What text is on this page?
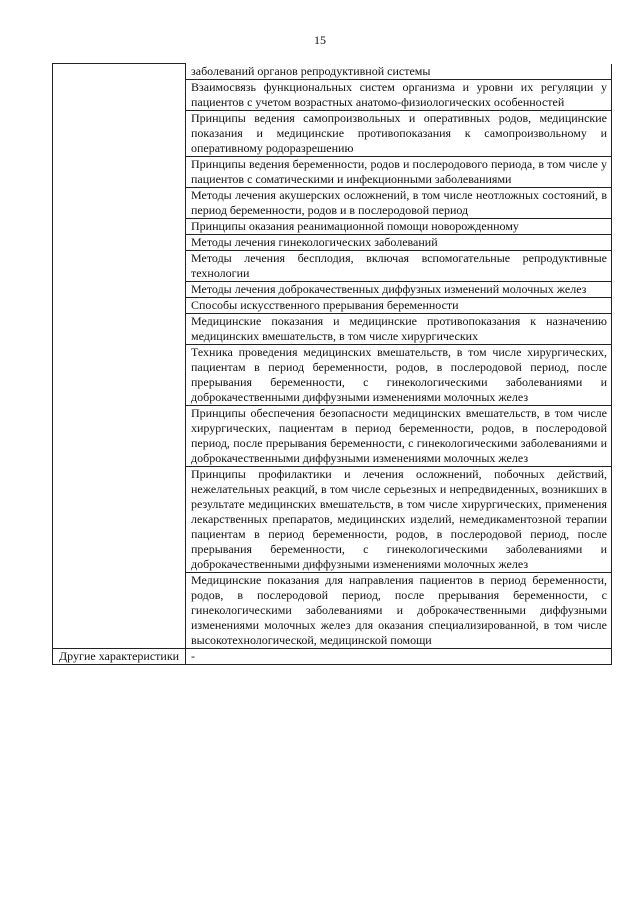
15
	заболеваний органов репродуктивной системы
	Взаимосвязь функциональных систем организма и уровни их регуляции у пациентов с учетом возрастных анатомо-физиологических особенностей
	Принципы ведения самопроизвольных и оперативных родов, медицинские показания и медицинские противопоказания к самопроизвольному и оперативному родоразрешению
	Принципы ведения беременности, родов и послеродового периода, в том числе у пациентов с соматическими и инфекционными заболеваниями
	Методы лечения акушерских осложнений, в том числе неотложных состояний, в период беременности, родов и в послеродовой период
	Принципы оказания реанимационной помощи новорожденному
	Методы лечения гинекологических заболеваний
	Методы лечения бесплодия, включая вспомогательные репродуктивные технологии
	Методы лечения доброкачественных диффузных изменений молочных желез
	Способы искусственного прерывания беременности
	Медицинские показания и медицинские противопоказания к назначению медицинских вмешательств, в том числе хирургических
	Техника проведения медицинских вмешательств, в том числе хирургических, пациентам в период беременности, родов, в послеродовой период, после прерывания беременности, с гинекологическими заболеваниями и доброкачественными диффузными изменениями молочных желез
	Принципы обеспечения безопасности медицинских вмешательств, в том числе хирургических, пациентам в период беременности, родов, в послеродовой период, после прерывания беременности, с гинекологическими заболеваниями и доброкачественными диффузными изменениями молочных желез
	Принципы профилактики и лечения осложнений, побочных действий, нежелательных реакций, в том числе серьезных и непредвиденных, возникших в результате медицинских вмешательств, в том числе хирургических, применения лекарственных препаратов, медицинских изделий, немедикаментозной терапии пациентам в период беременности, родов, в послеродовой период, после прерывания беременности, с гинекологическими заболеваниями и доброкачественными диффузными изменениями молочных желез
	Медицинские показания для направления пациентов в период беременности, родов, в послеродовой период, после прерывания беременности, с гинекологическими заболеваниями и доброкачественными диффузными изменениями молочных желез для оказания специализированной, в том числе высокотехнологической, медицинской помощи
Другие характеристики	-
